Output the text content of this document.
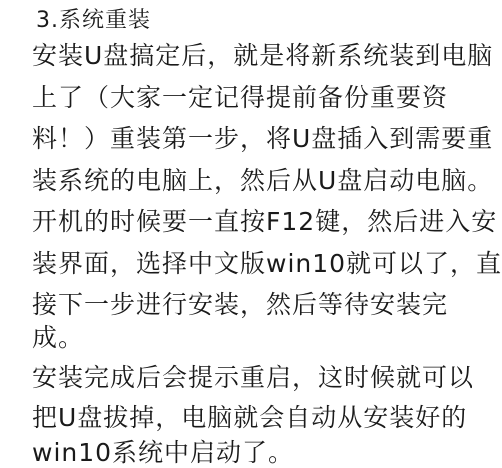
3.系统重装
安装U盘搞定后，就是将新系统装到电脑
上了（大家一定记得提前备份重要资
料！）重装第一步，将U盘插入到需要重
装系统的电脑上，然后从U盘启动电脑。
开机的时候要一直按F12键，然后进入安
装界面，选择中文版win10就可以了，直
接下一步进行安装，然后等待安装完
成。
安装完成后会提示重启，这时候就可以
把U盘拔掉，电脑就会自动从安装好的
win10系统中启动了。
